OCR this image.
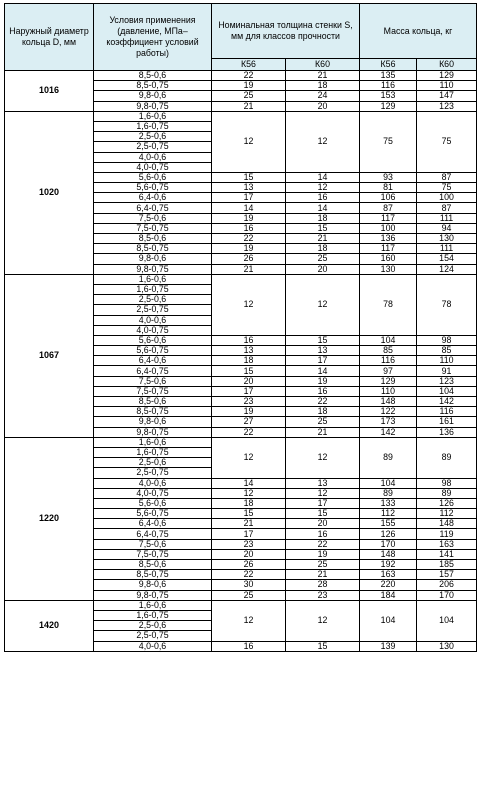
Наружный диаметр кольца D, мм	Условия применения (давление, МПа–коэффициент условий работы)	Номинальная толщина стенки S, мм для классов прочности		Масса кольца, кг	
		К56	К60	К56	К60
1016	8,5-0,6	22	21	135	129
	8,5-0,75	19	18	116	110
	9,8-0,6	25	24	153	147
	9,8-0,75	21	20	129	123
1020	1,6-0,6	12	12	75	75
	1,6-0,75				
	2,5-0,6				
	2,5-0,75				
	4,0-0,6				
	4,0-0,75				
	5,6-0,6	15	14	93	87
	5,6-0,75	13	12	81	75
	6,4-0,6	17	16	106	100
	6,4-0,75	14	14	87	87
	7,5-0,6	19	18	117	111
	7,5-0,75	16	15	100	94
	8,5-0,6	22	21	136	130
	8,5-0,75	19	18	117	111
	9,8-0,6	26	25	160	154
	9,8-0,75	21	20	130	124
1067	1,6-0,6	12	12	78	78
	1,6-0,75				
	2,5-0,6				
	2,5-0,75				
	4,0-0,6				
	4,0-0,75				
	5,6-0,6	16	15	104	98
	5,6-0,75	13	13	85	85
	6,4-0,6	18	17	116	110
	6,4-0,75	15	14	97	91
	7,5-0,6	20	19	129	123
	7,5-0,75	17	16	110	104
	8,5-0,6	23	22	148	142
	8,5-0,75	19	18	122	116
	9,8-0,6	27	25	173	161
	9,8-0,75	22	21	142	136
1220	1,6-0,6	12	12	89	89
	1,6-0,75				
	2,5-0,6				
	2,5-0,75				
	4,0-0,6	14	13	104	98
	4,0-0,75	12	12	89	89
	5,6-0,6	18	17	133	126
	5,6-0,75	15	15	112	112
	6,4-0,6	21	20	155	148
	6,4-0,75	17	16	126	119
	7,5-0,6	23	22	170	163
	7,5-0,75	20	19	148	141
	8,5-0,6	26	25	192	185
	8,5-0,75	22	21	163	157
	9,8-0,6	30	28	220	206
	9,8-0,75	25	23	184	170
1420	1,6-0,6	12	12	104	104
	1,6-0,75				
	2,5-0,6				
	2,5-0,75				
	4,0-0,6	16	15	139	130
